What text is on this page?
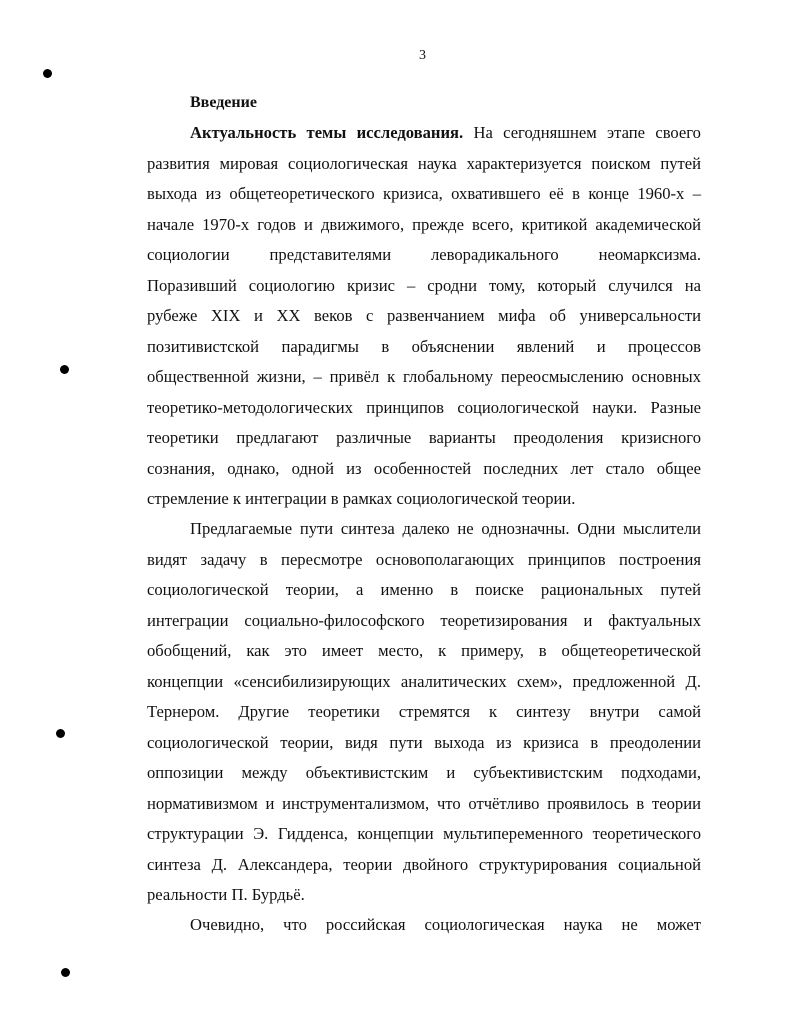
3
Введение
Актуальность темы исследования. На сегодняшнем этапе своего
развития мировая социологическая наука характеризуется поиском путей
выхода из общетеоретического кризиса, охватившего её в конце 1960-х –
начале 1970-х годов и движимого, прежде всего, критикой академической
социологии представителями леворадикального неомарксизма.
Поразивший социологию кризис – сродни тому, который случился на
рубеже XIX и XX веков с развенчанием мифа об универсальности
позитивистской парадигмы в объяснении явлений и процессов
общественной жизни, – привёл к глобальному переосмыслению основных
теоретико-методологических принципов социологической науки. Разные
теоретики предлагают различные варианты преодоления кризисного
сознания, однако, одной из особенностей последних лет стало общее
стремление к интеграции в рамках социологической теории.
Предлагаемые пути синтеза далеко не однозначны. Одни мыслители
видят задачу в пересмотре основополагающих принципов построения
социологической теории, а именно в поиске рациональных путей
интеграции социально-философского теоретизирования и фактуальных
обобщений, как это имеет место, к примеру, в общетеоретической
концепции «сенсибилизирующих аналитических схем», предложенной Д.
Тернером. Другие теоретики стремятся к синтезу внутри самой
социологической теории, видя пути выхода из кризиса в преодолении
оппозиции между объективистским и субъективистским подходами,
нормативизмом и инструментализмом, что отчётливо проявилось в теории
структурации Э. Гидденса, концепции мультипеременного теоретического
синтеза Д. Александера, теории двойного структурирования социальной
реальности П. Бурдьё.
Очевидно, что российская социологическая наука не может
